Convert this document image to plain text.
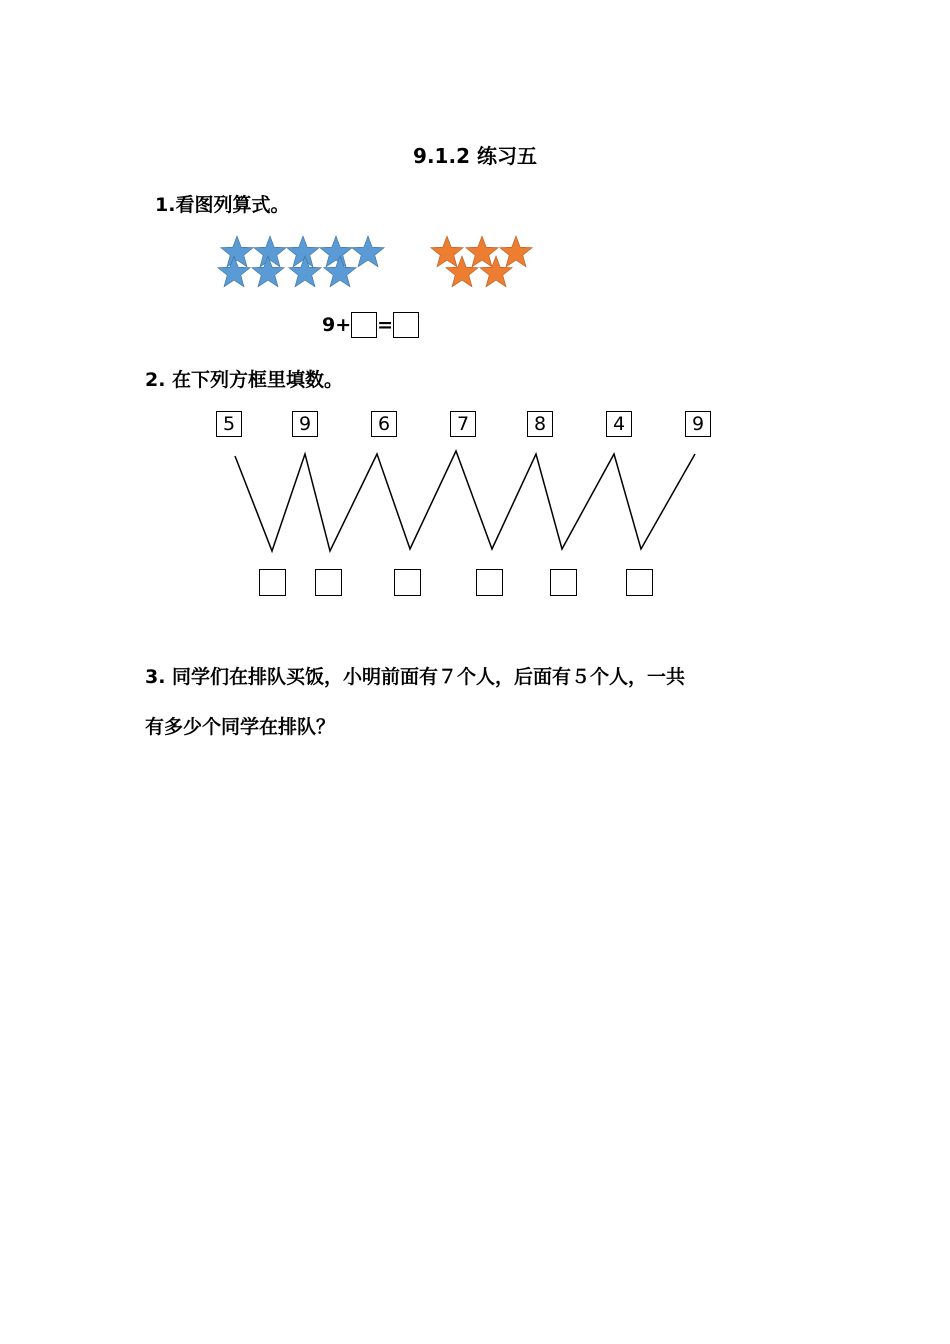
9.1.2 练习五
1.看图列算式。
9+ =
2. 在下列方框里填数。
5	9	6	7	8	4	9
3. 同学们在排队买饭，小明前面有７个人，后面有５个人，一共
有多少个同学在排队？
